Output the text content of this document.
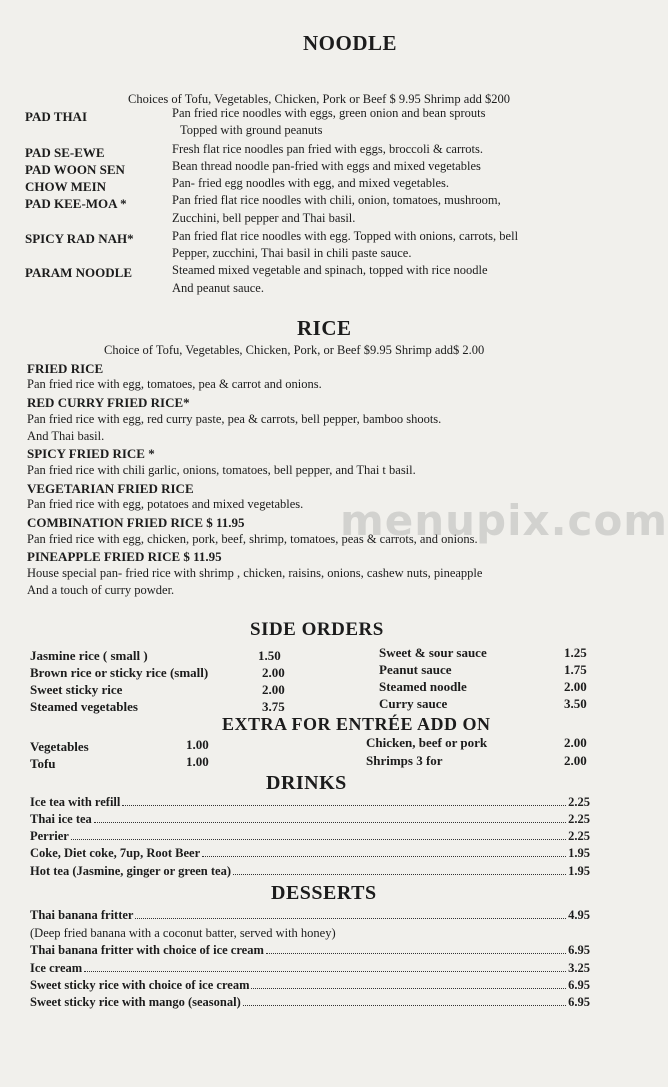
NOODLE
Choices of Tofu, Vegetables, Chicken, Pork or Beef $ 9.95 Shrimp add $200
PAD THAI	Pan fried rice noodles with eggs, green onion and bean sprouts
Topped with ground peanuts
PAD SE-EWE	Fresh flat rice noodles pan fried with eggs, broccoli & carrots.
PAD WOON SEN	Bean thread noodle pan-fried with eggs and mixed vegetables
CHOW MEIN	Pan- fried egg noodles with egg, and mixed vegetables.
PAD KEE-MOA *	Pan fried flat rice noodles with chili, onion, tomatoes, mushroom,
Zucchini, bell pepper and Thai basil.
SPICY RAD NAH*	Pan fried flat rice noodles with egg. Topped with onions, carrots, bell
Pepper, zucchini, Thai basil in chili paste sauce.
PARAM NOODLE	Steamed mixed vegetable and spinach, topped with rice noodle
And peanut sauce.
RICE
Choice of Tofu, Vegetables, Chicken, Pork, or Beef $9.95 Shrimp add$ 2.00
FRIED RICE
Pan fried rice with egg, tomatoes, pea & carrot and onions.
RED CURRY FRIED RICE*
Pan fried rice with egg, red curry paste, pea & carrots, bell pepper, bamboo shoots.
And Thai basil.
SPICY FRIED RICE *
Pan fried rice with chili garlic, onions, tomatoes, bell pepper, and Thai t basil.
VEGETARIAN FRIED RICE
Pan fried rice with egg, potatoes and mixed vegetables.
COMBINATION FRIED RICE $ 11.95
Pan fried rice with egg, chicken, pork, beef, shrimp, tomatoes, peas & carrots, and onions.
PINEAPPLE FRIED RICE $ 11.95
House special pan- fried rice with shrimp , chicken, raisins, onions, cashew nuts, pineapple
And a touch of curry powder.
menupix.com
SIDE ORDERS
Jasmine rice ( small )	1.50
Brown rice or sticky rice (small)	2.00
Sweet sticky rice	2.00
Steamed vegetables	3.75
Sweet & sour sauce	1.25
Peanut sauce	1.75
Steamed noodle	2.00
Curry sauce	3.50
EXTRA FOR ENTRÉE ADD ON
Vegetables	1.00
Tofu	1.00
Chicken, beef or pork	2.00
Shrimps 3 for	2.00
DRINKS
Ice tea with refill	2.25
Thai ice tea	2.25
Perrier	2.25
Coke, Diet coke, 7up, Root Beer	1.95
Hot tea (Jasmine, ginger or green tea)	1.95
DESSERTS
Thai banana fritter	4.95
(Deep fried banana with a coconut batter, served with honey)
Thai banana fritter with choice of ice cream	6.95
Ice cream	3.25
Sweet sticky rice with choice of ice cream	6.95
Sweet sticky rice with mango (seasonal)	6.95
